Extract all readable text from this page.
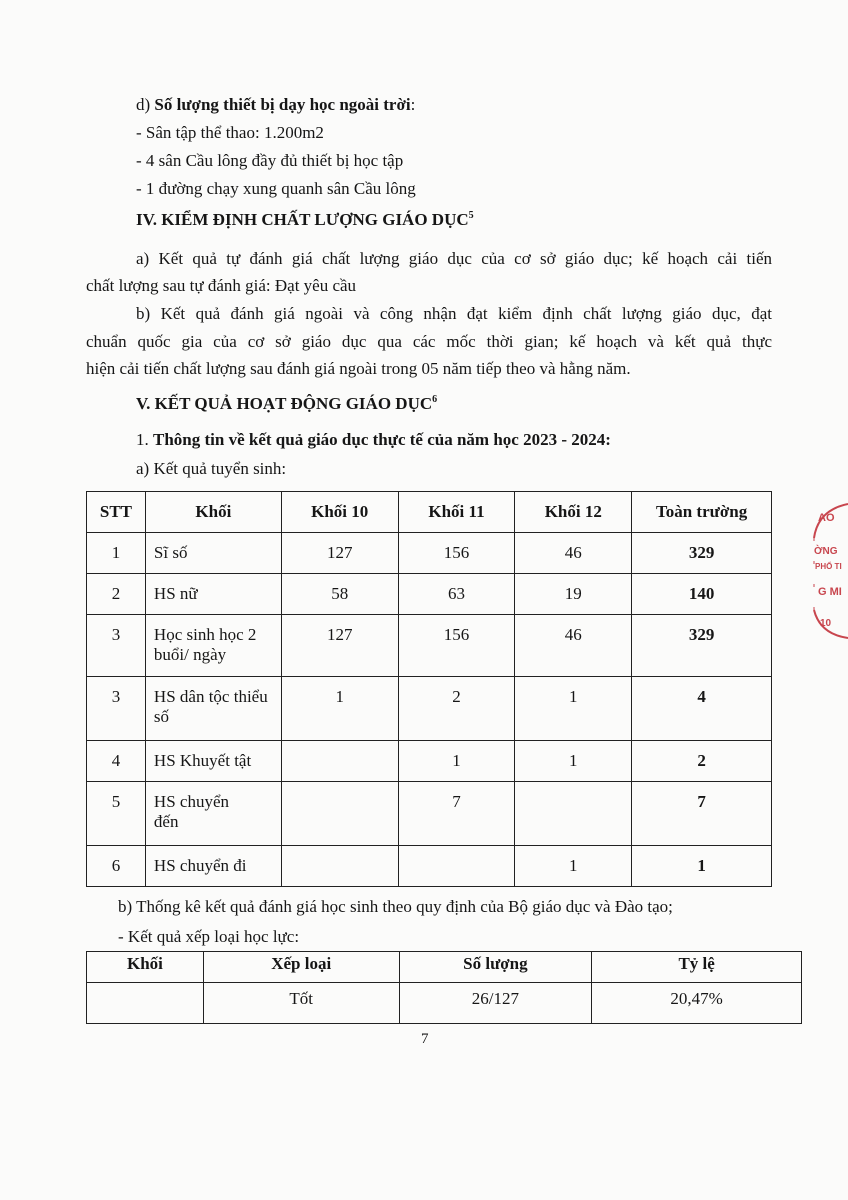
d) Số lượng thiết bị dạy học ngoài trời:
- Sân tập thể thao: 1.200m2
- 4 sân Cầu lông đầy đủ thiết bị học tập
- 1 đường chạy xung quanh sân Cầu lông
IV. KIỂM ĐỊNH CHẤT LƯỢNG GIÁO DỤC$^5$
a) Kết quả tự đánh giá chất lượng giáo dục của cơ sở giáo dục; kế hoạch cải tiến
chất lượng sau tự đánh giá: Đạt yêu cầu
b) Kết quả đánh giá ngoài và công nhận đạt kiểm định chất lượng giáo dục, đạt
chuẩn quốc gia của cơ sở giáo dục qua các mốc thời gian; kế hoạch và kết quả thực
hiện cải tiến chất lượng sau đánh giá ngoài trong 05 năm tiếp theo và hằng năm.
V. KẾT QUẢ HOẠT ĐỘNG GIÁO DỤC$^6$
1. Thông tin về kết quả giáo dục thực tế của năm học 2023 - 2024:
a) Kết quả tuyển sinh:
STT	Khối	Khối 10	Khối 11	Khối 12	Toàn trường
1	Sĩ số	127	156	46	329
2	HS nữ	58	63	19	140
3	Học sinh học 2 buổi/ ngày	127	156	46	329
3	HS dân tộc thiểu số	1	2	1	4
4	HS Khuyết tật		1	1	2
5	HS chuyển đến		7		7
6	HS chuyển đi			1	1
b) Thống kê kết quả đánh giá học sinh theo quy định của Bộ giáo dục và Đào tạo;
- Kết quả xếp loại học lực:
Khối	Xếp loại	Số lượng	Tỷ lệ
	Tốt	26/127	20,47%
AO
ỜNG
PHỔ TI
G MI
10
7
